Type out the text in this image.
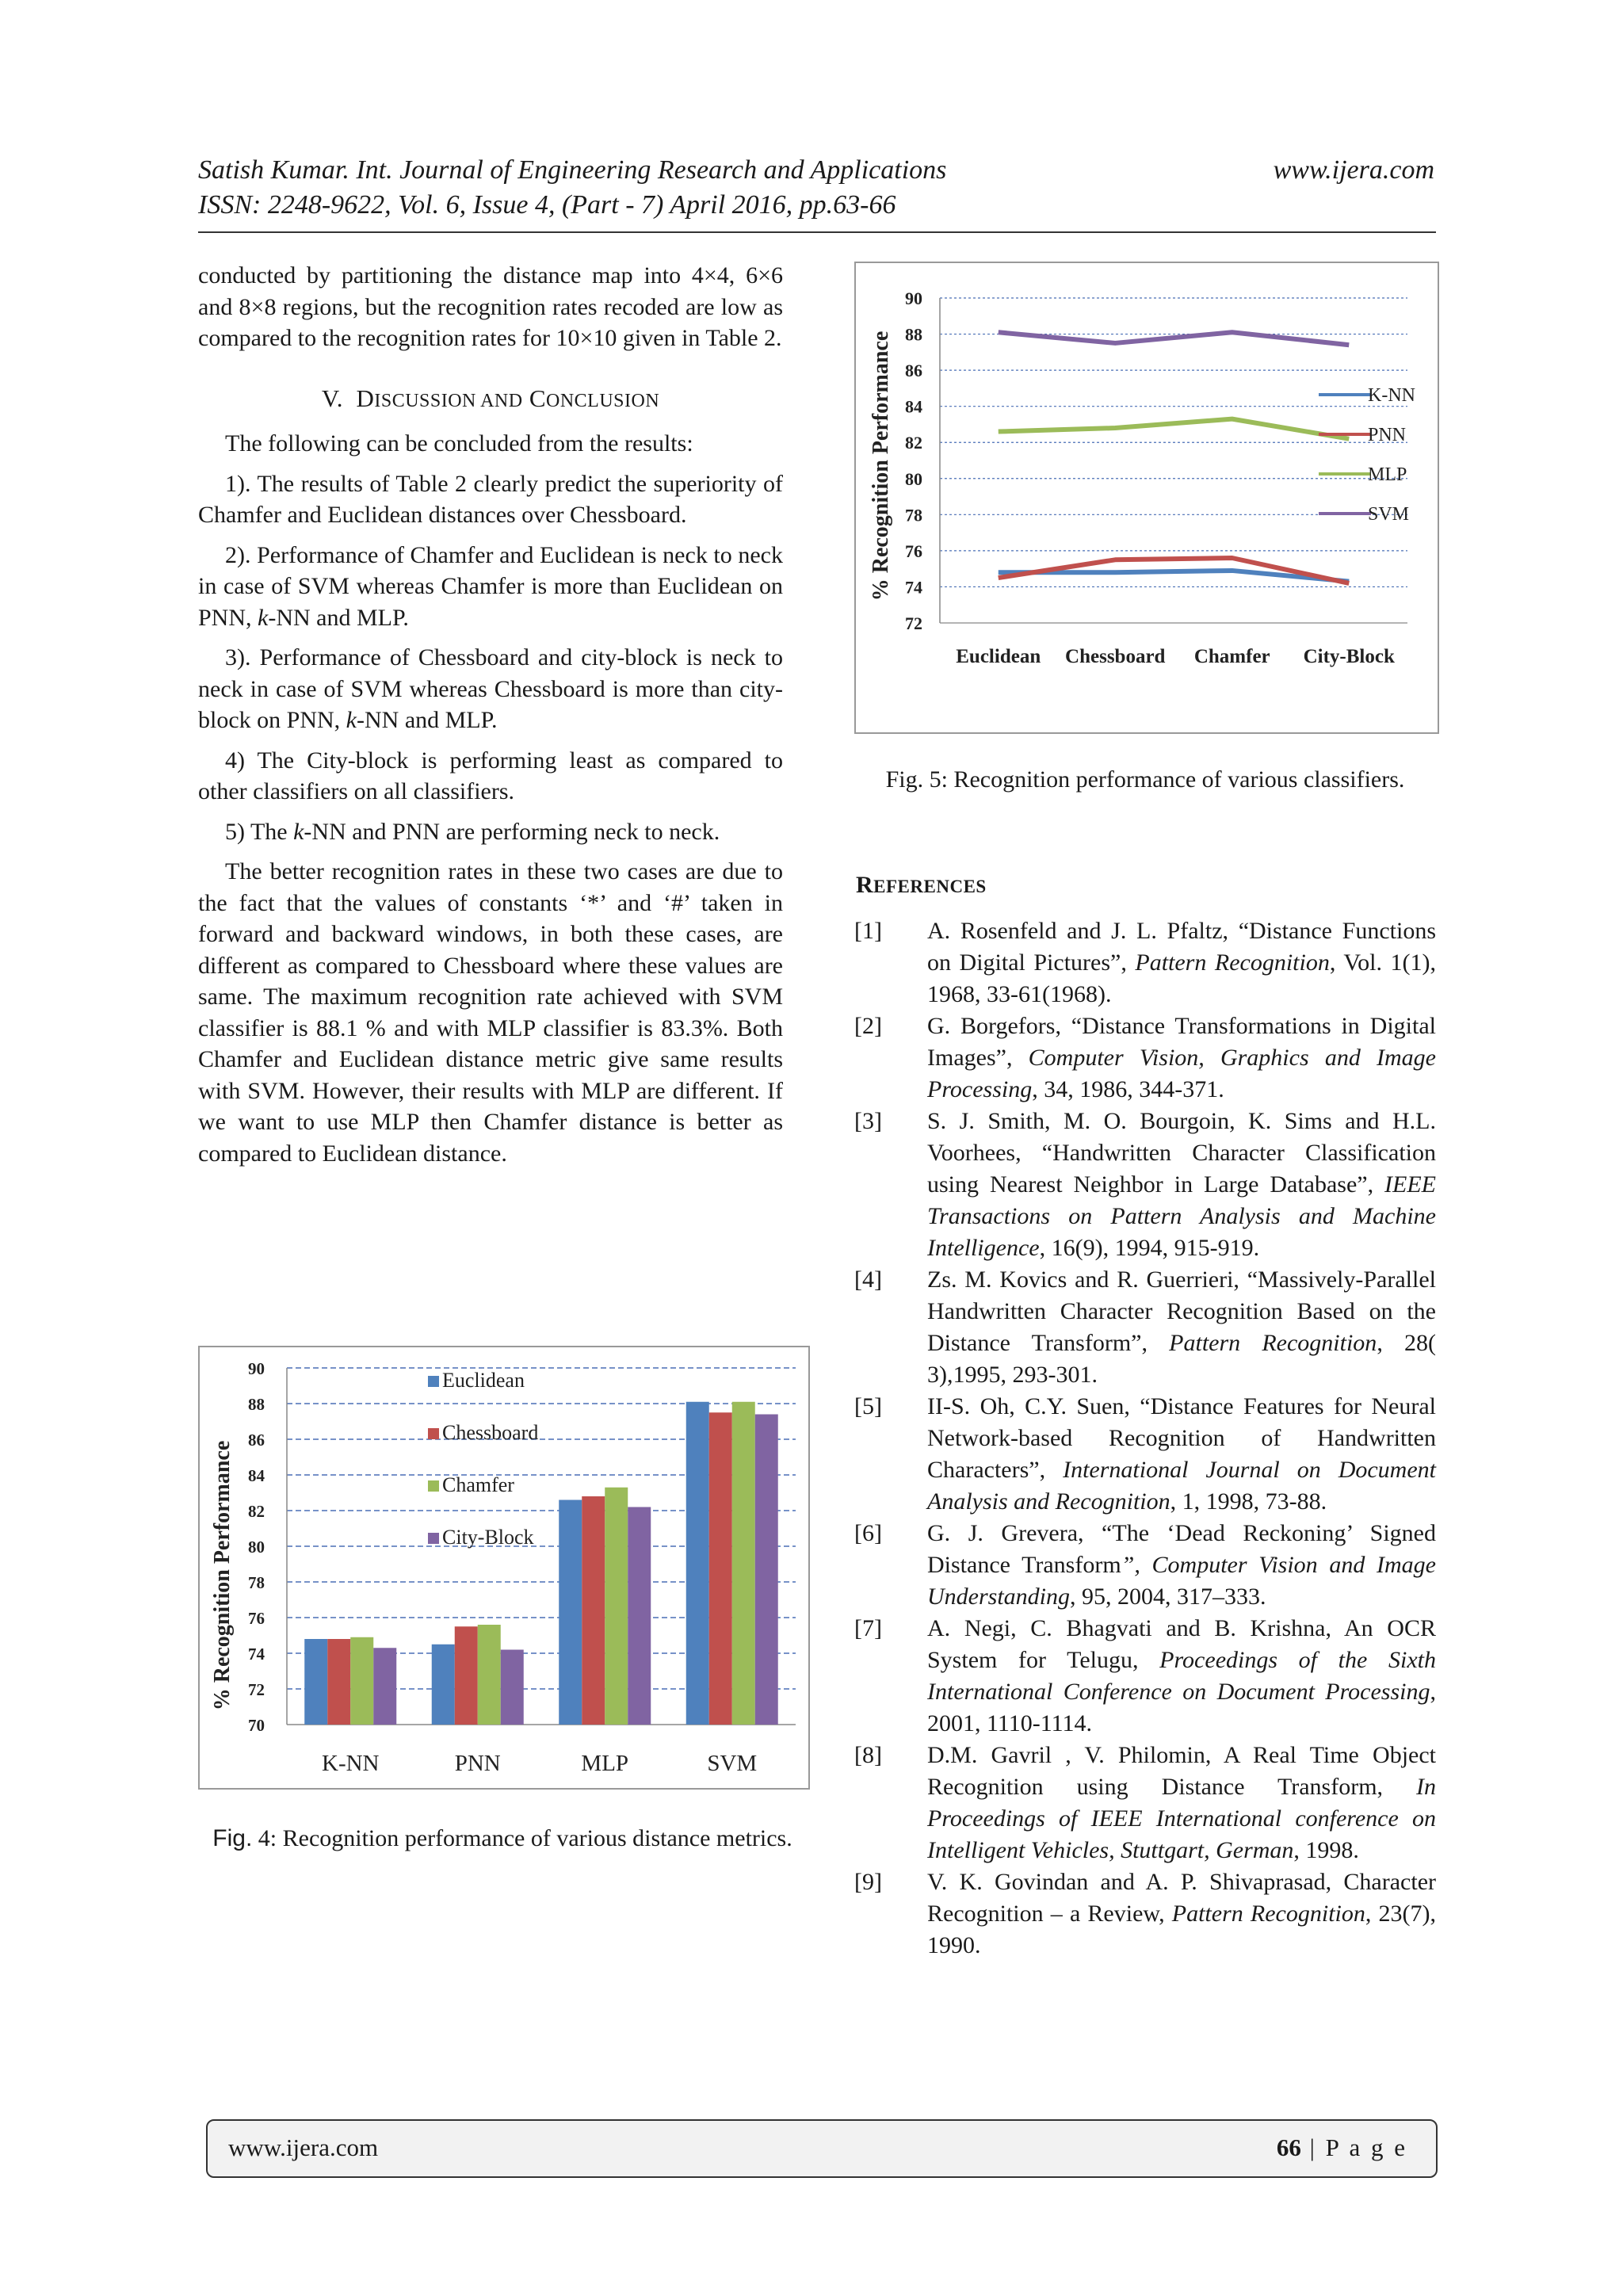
Satish Kumar. Int. Journal of Engineering Research and Applications	www.ijera.com
ISSN: 2248-9622, Vol. 6, Issue 4, (Part - 7) April 2016, pp.63-66

conducted by partitioning the distance map into 4×4, 6×6 and 8×8 regions, but the recognition rates recoded are low as compared to the recognition rates for 10×10 given in Table 2.

V. DISCUSSION AND CONCLUSION

The following can be concluded from the results:

1). The results of Table 2 clearly predict the superiority of Chamfer and Euclidean distances over Chessboard.

2). Performance of Chamfer and Euclidean is neck to neck in case of SVM whereas Chamfer is more than Euclidean on PNN, k-NN and MLP.

3). Performance of Chessboard and city-block is neck to neck in case of SVM whereas Chessboard is more than city-block on PNN, k-NN and MLP.

4) The City-block is performing least as compared to other classifiers on all classifiers.

5) The k-NN and PNN are performing neck to neck.

The better recognition rates in these two cases are due to the fact that the values of constants ‘*’ and ‘#’ taken in forward and backward windows, in both these cases, are different as compared to Chessboard where these values are same. The maximum recognition rate achieved with SVM classifier is 88.1 % and with MLP classifier is 83.3%. Both Chamfer and Euclidean distance metric give same results with SVM. However, their results with MLP are different. If we want to use MLP then Chamfer distance is better as compared to Euclidean distance.

% Recognition Performance
70
72
74
76
78
80
82
84
86
88
90
K-NN	PNN	MLP	SVM
Euclidean
Chessboard
Chamfer
City-Block
Fig. 4: Recognition performance of various distance metrics.
% Recognition Performance
72
74
76
78
80
82
84
86
88
90
Euclidean Chessboard Chamfer City-Block
K-NN
PNN
MLP
SVM
Fig. 5: Recognition performance of various classifiers.
REFERENCES
[1]	A. Rosenfeld and J. L. Pfaltz, “Distance Functions on Digital Pictures”, Pattern Recognition, Vol. 1(1), 1968, 33-61(1968).
[2]	G. Borgefors, “Distance Transformations in Digital Images”, Computer Vision, Graphics and Image Processing, 34, 1986, 344-371.
[3]	S. J. Smith, M. O. Bourgoin, K. Sims and H.L. Voorhees, “Handwritten Character Classification using Nearest Neighbor in Large Database”, IEEE Transactions on Pattern Analysis and Machine Intelligence, 16(9), 1994, 915-919.
[4]	Zs. M. Kovics and R. Guerrieri, “Massively-Parallel Handwritten Character Recognition Based on the Distance Transform”, Pattern Recognition, 28( 3),1995, 293-301.
[5]	II-S. Oh, C.Y. Suen, “Distance Features for Neural Network-based Recognition of Handwritten Characters”, International Journal on Document Analysis and Recognition, 1, 1998, 73-88.
[6]	G. J. Grevera, “The ‘Dead Reckoning’ Signed Distance Transform”, Computer Vision and Image Understanding, 95, 2004, 317–333.
[7]	A. Negi, C. Bhagvati and B. Krishna, An OCR System for Telugu, Proceedings of the Sixth International Conference on Document Processing, 2001, 1110-1114.
[8]	D.M. Gavril , V. Philomin, A Real Time Object Recognition using Distance Transform, In Proceedings of IEEE International conference on Intelligent Vehicles, Stuttgart, German, 1998.
[9]	V. K. Govindan and A. P. Shivaprasad, Character Recognition – a Review, Pattern Recognition, 23(7), 1990.
www.ijera.com	66 | P a g e
